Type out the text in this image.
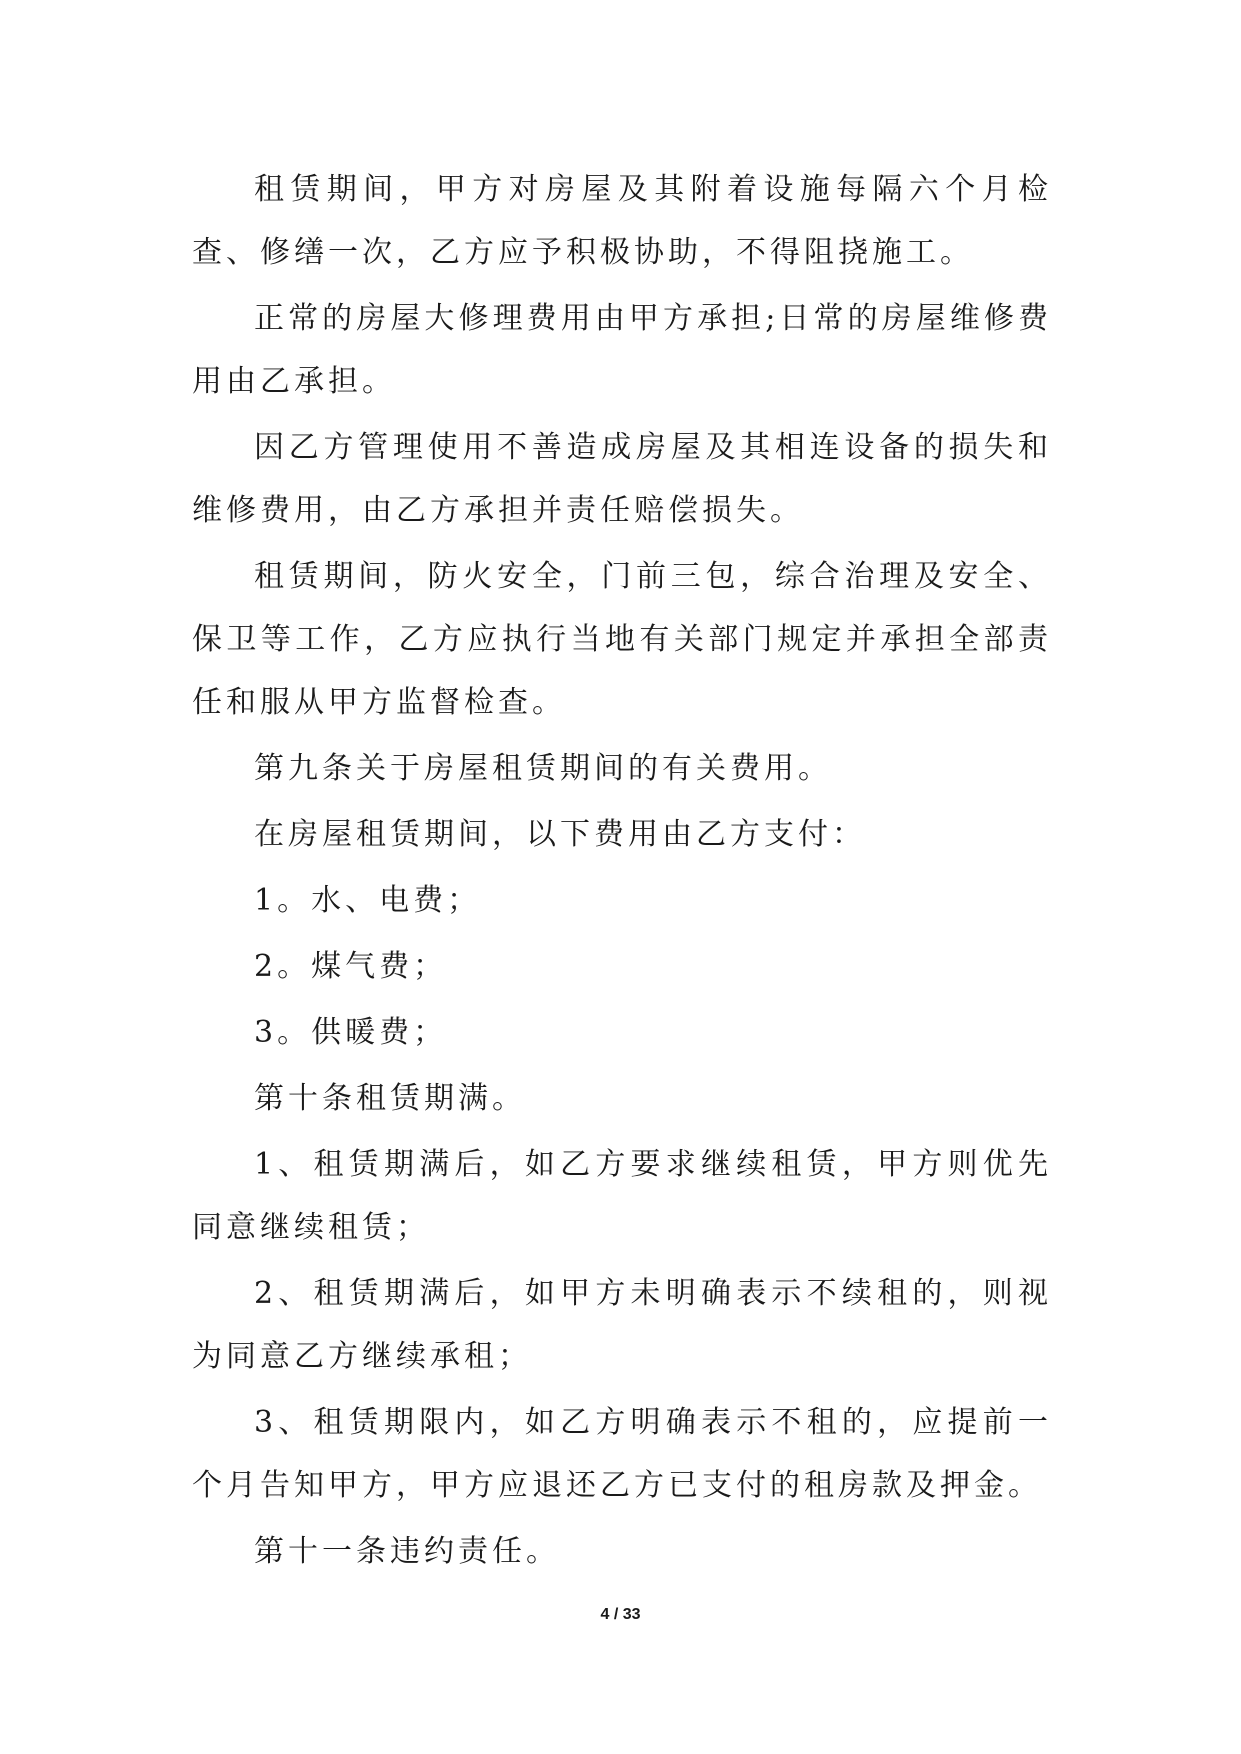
租赁期间，甲方对房屋及其附着设施每隔六个月检查、修缮一次，乙方应予积极协助，不得阻挠施工。

正常的房屋大修理费用由甲方承担;日常的房屋维修费用由乙承担。

因乙方管理使用不善造成房屋及其相连设备的损失和维修费用，由乙方承担并责任赔偿损失。

租赁期间，防火安全，门前三包，综合治理及安全、保卫等工作，乙方应执行当地有关部门规定并承担全部责任和服从甲方监督检查。

第九条关于房屋租赁期间的有关费用。

在房屋租赁期间，以下费用由乙方支付：

1。水、电费；

2。煤气费；

3。供暖费；

第十条租赁期满。

1、租赁期满后，如乙方要求继续租赁，甲方则优先同意继续租赁；

2、租赁期满后，如甲方未明确表示不续租的，则视为同意乙方继续承租；

3、租赁期限内，如乙方明确表示不租的，应提前一个月告知甲方，甲方应退还乙方已支付的租房款及押金。

第十一条违约责任。

4 / 33
